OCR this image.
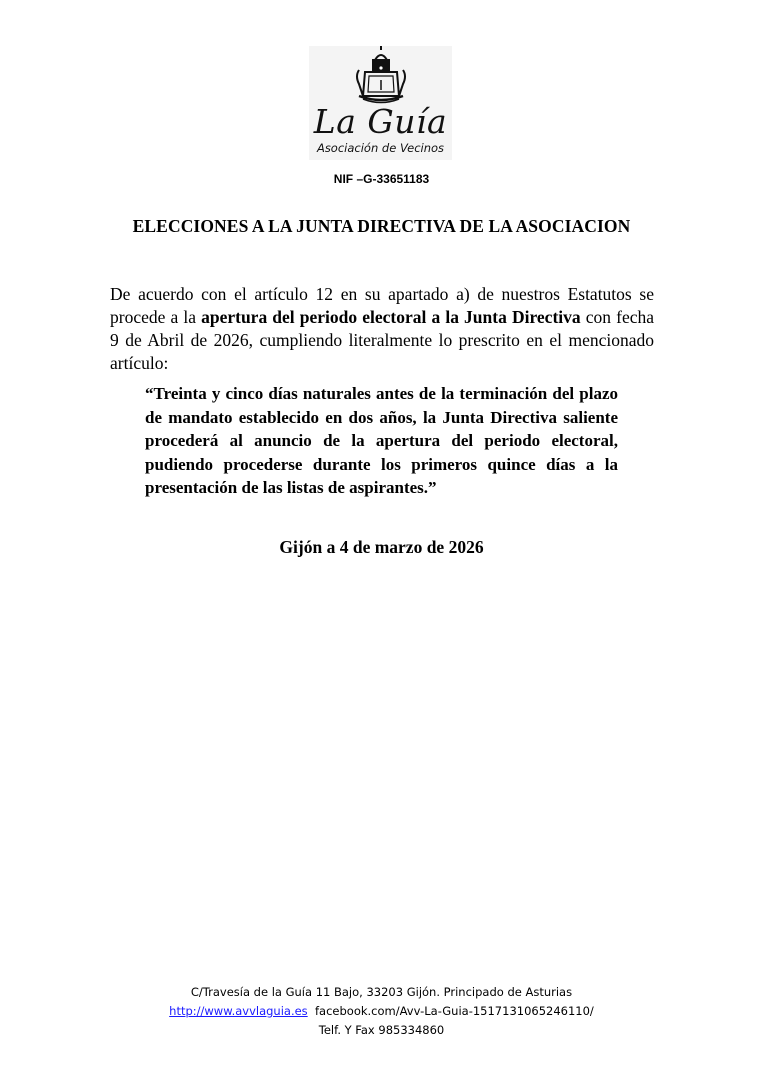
La Guía
Asociación de Vecinos
NIF –G-33651183
ELECCIONES A LA JUNTA DIRECTIVA DE LA ASOCIACION

De acuerdo con el artículo 12 en su apartado a) de nuestros Estatutos se procede a la apertura del periodo electoral a la Junta Directiva con fecha 9 de Abril de 2026, cumpliendo literalmente lo prescrito en el mencionado artículo:

“Treinta y cinco días naturales antes de la terminación del plazo de mandato establecido en dos años, la Junta Directiva saliente procederá al anuncio de la apertura del periodo electoral, pudiendo procederse durante los primeros quince días a la presentación de las listas de aspirantes.”

Gijón a 4 de marzo de 2026
C/Travesía de la Guía 11 Bajo, 33203 Gijón. Principado de Asturias
http://www.avvlaguia.es facebook.com/Avv-La-Guia-1517131065246110/
Telf. Y Fax 985334860
